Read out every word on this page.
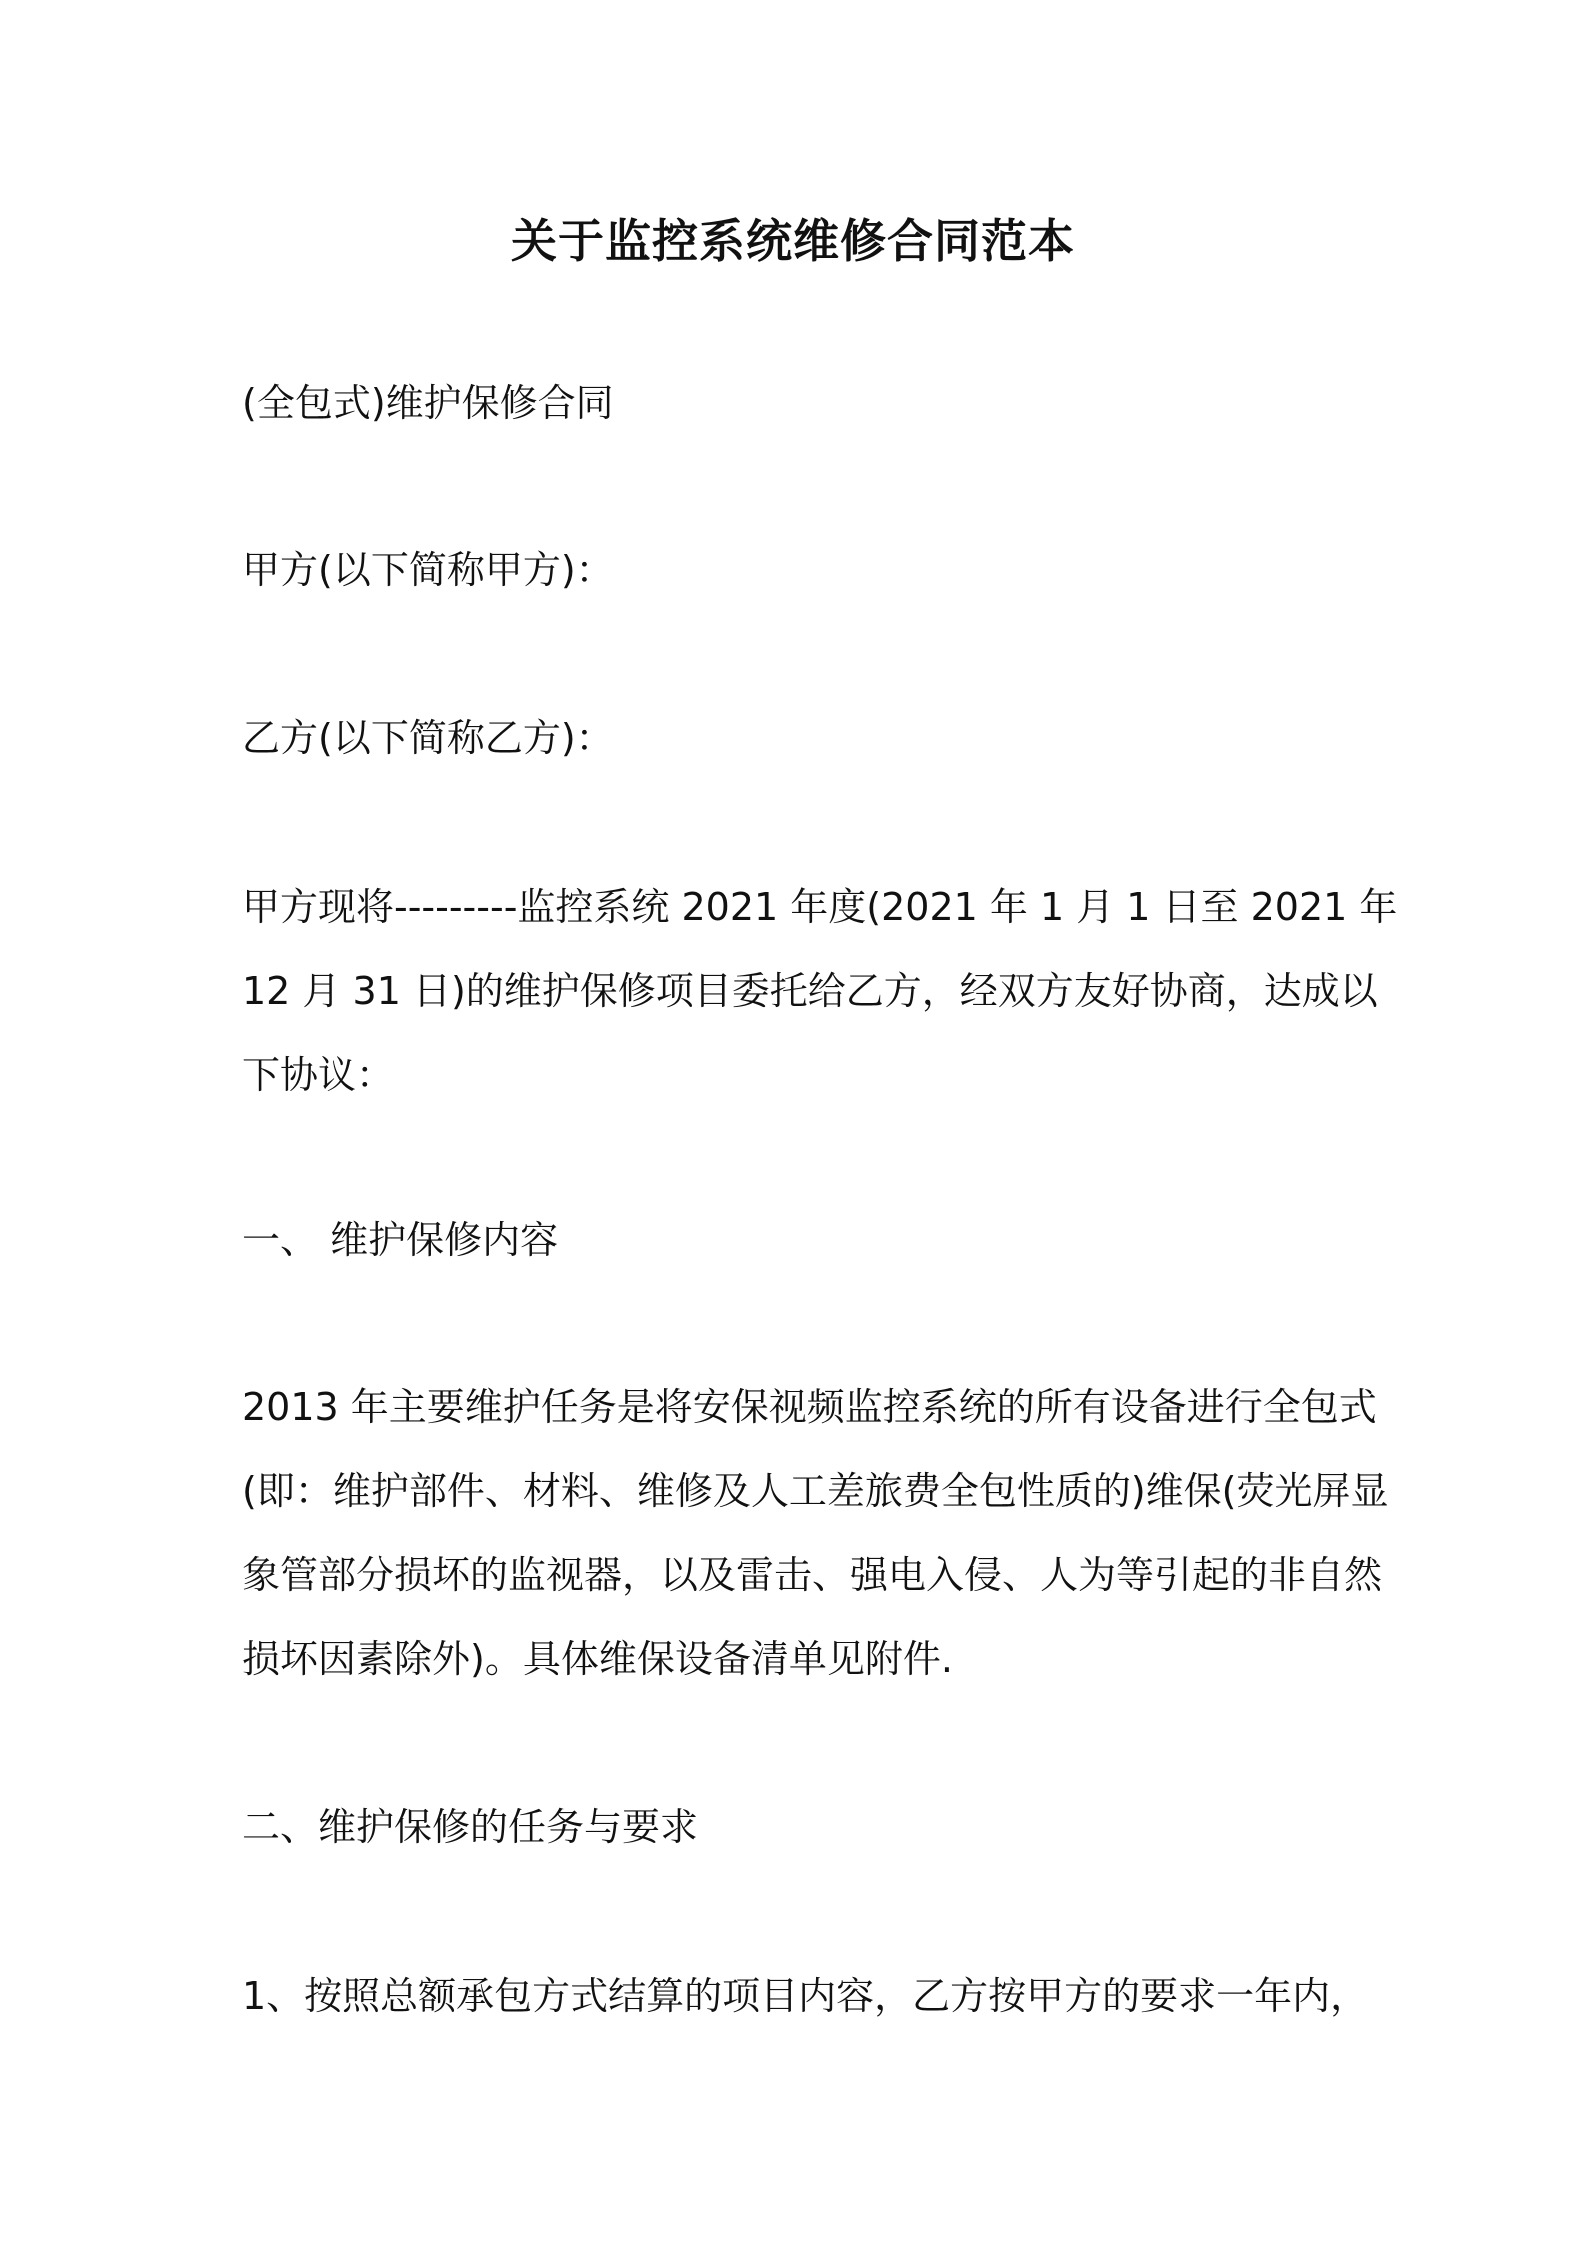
关于监控系统维修合同范本

(全包式)维护保修合同

甲方(以下简称甲方)：

乙方(以下简称乙方)：

甲方现将---------监控系统 2021 年度(2021 年 1 月 1 日至 2021 年
12 月 31 日)的维护保修项目委托给乙方，经双方友好协商，达成以
下协议：

一、 维护保修内容

2013 年主要维护任务是将安保视频监控系统的所有设备进行全包式
(即：维护部件、材料、维修及人工差旅费全包性质的)维保(荧光屏显
象管部分损坏的监视器，以及雷击、强电入侵、人为等引起的非自然
损坏因素除外)。具体维保设备清单见附件.

二、维护保修的任务与要求

1、按照总额承包方式结算的项目内容，乙方按甲方的要求一年内，
